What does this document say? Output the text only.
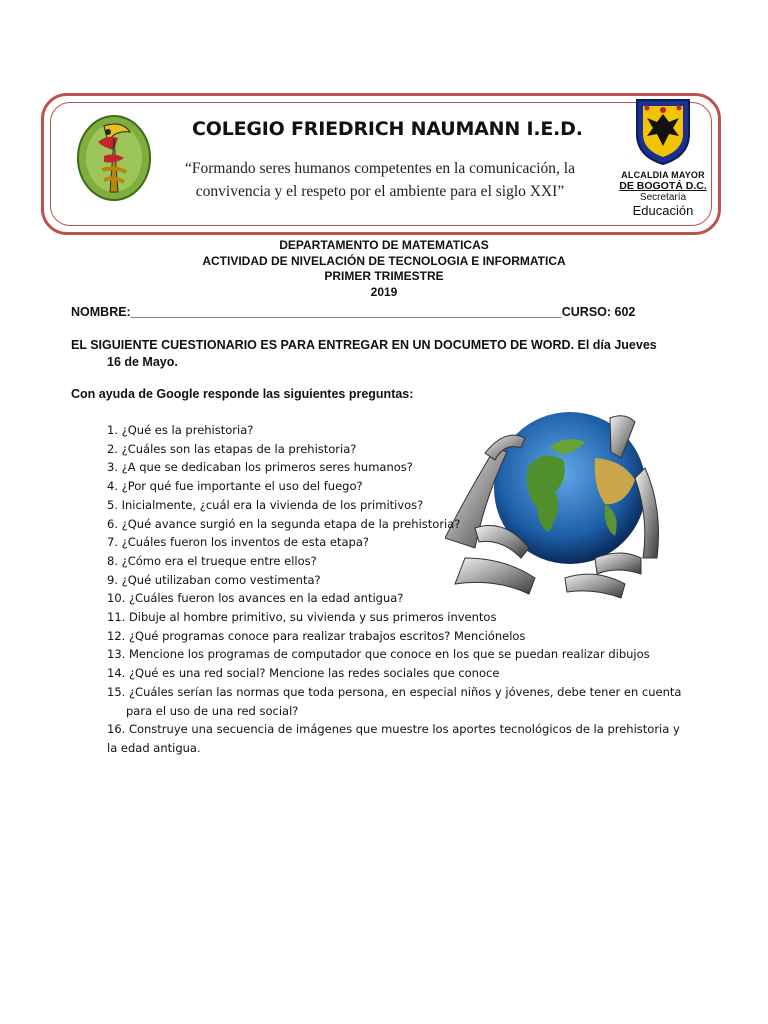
COLEGIO FRIEDRICH NAUMANN I.E.D.
“Formando seres humanos competentes en la comunicación, la
convivencia y el respeto por el ambiente para el siglo XXI”
ALCALDIA MAYOR
DE BOGOTÁ D.C.
Secretaría
Educación
DEPARTAMENTO DE MATEMATICAS
ACTIVIDAD DE NIVELACIÓN DE TECNOLOGIA E INFORMATICA
PRIMER TRIMESTRE
2019
NOMBRE:______________________________________________________________CURSO: 602
EL SIGUIENTE CUESTIONARIO ES PARA ENTREGAR EN UN DOCUMETO DE WORD. El día Jueves
16 de Mayo.
Con ayuda de Google responde las siguientes preguntas:
1. ¿Qué es la prehistoria?
2. ¿Cuáles son las etapas de la prehistoria?
3. ¿A que se dedicaban los primeros seres humanos?
4. ¿Por qué fue importante el uso del fuego?
5. Inicialmente, ¿cuál era la vivienda de los primitivos?
6. ¿Qué avance surgió en la segunda etapa de la prehistoria?
7. ¿Cuáles fueron los inventos de esta etapa?
8. ¿Cómo era el trueque entre ellos?
9. ¿Qué utilizaban como vestimenta?
10. ¿Cuáles fueron los avances en la edad antigua?
11. Dibuje al hombre primitivo, su vivienda y sus primeros inventos
12. ¿Qué programas conoce para realizar trabajos escritos? Menciónelos
13. Mencione los programas de computador que conoce en los que se puedan realizar dibujos
14. ¿Qué es una red social? Mencione las redes sociales que conoce
15. ¿Cuáles serían las normas que toda persona, en especial niños y jóvenes, debe tener en cuenta
para el uso de una red social?
16. Construye una secuencia de imágenes que muestre los aportes tecnológicos de la prehistoria y
la edad antigua.
